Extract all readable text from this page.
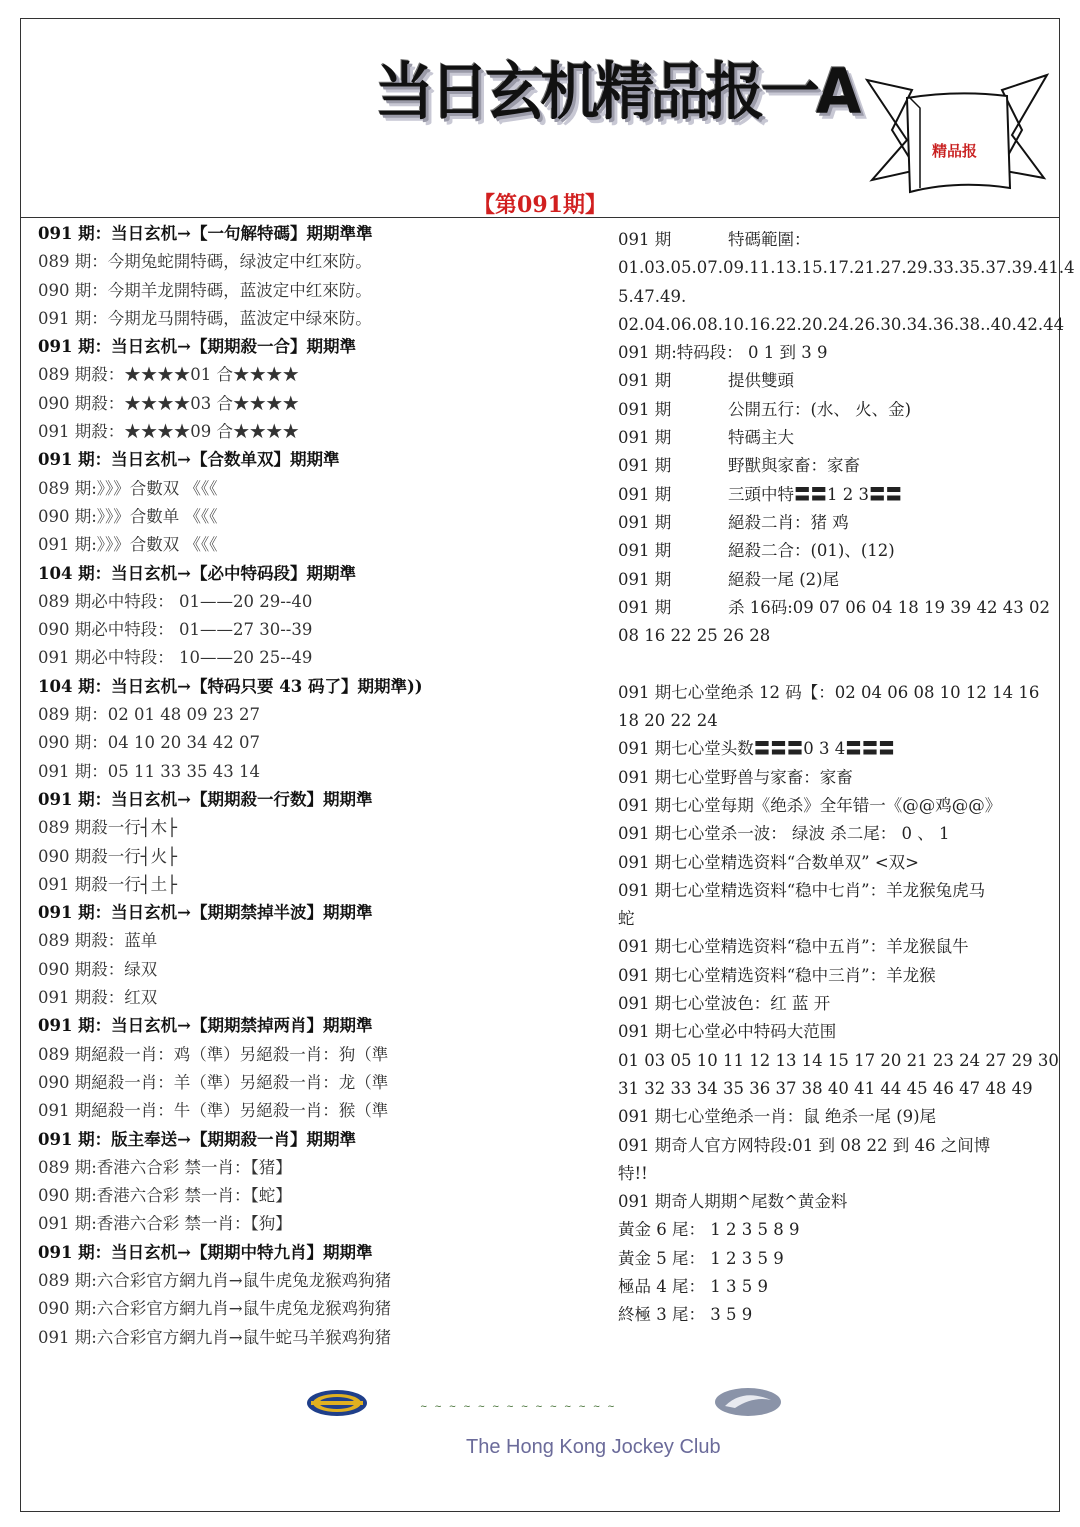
当日玄机精品报一A
【第091期】
精品报
091 期：当日玄机→【一句解特碼】期期準準
089 期：今期兔蛇開特碼，绿波定中红來防。
090 期：今期羊龙開特碼，蓝波定中红來防。
091 期：今期龙马開特碼，蓝波定中绿來防。
091 期：当日玄机→【期期殺一合】期期準
089 期殺：★★★★01 合★★★★
090 期殺：★★★★03 合★★★★
091 期殺：★★★★09 合★★★★
091 期：当日玄机→【合数单双】期期準
089 期:》》》合數双 《《《
090 期:》》》合數单 《《《
091 期:》》》合數双 《《《
104 期：当日玄机→【必中特码段】期期準
089 期必中特段： 01——20 29--40
090 期必中特段： 01——27 30--39
091 期必中特段： 10——20 25--49
104 期：当日玄机→【特码只要 43 码了】期期準))
089 期：02 01 48 09 23 27
090 期：04 10 20 34 42 07
091 期：05 11 33 35 43 14
091 期：当日玄机→【期期殺一行数】期期準
089 期殺一行┤木├
090 期殺一行┤火├
091 期殺一行┤土├
091 期：当日玄机→【期期禁掉半波】期期準
089 期殺：蓝单
090 期殺：绿双
091 期殺：红双
091 期：当日玄机→【期期禁掉两肖】期期準
089 期絕殺一肖：鸡（準）另絕殺一肖：狗（準
090 期絕殺一肖：羊（準）另絕殺一肖：龙（準
091 期絕殺一肖：牛（準）另絕殺一肖：猴（準
091 期：版主奉送→【期期殺一肖】期期準
089 期:香港六合彩 禁一肖：【猪】
090 期:香港六合彩 禁一肖：【蛇】
091 期:香港六合彩 禁一肖：【狗】
091 期：当日玄机→【期期中特九肖】期期準
089 期:六合彩官方網九肖→鼠牛虎兔龙猴鸡狗猪
090 期:六合彩官方網九肖→鼠牛虎兔龙猴鸡狗猪
091 期:六合彩官方網九肖→鼠牛蛇马羊猴鸡狗猪
091 期	特碼範圍：
01.03.05.07.09.11.13.15.17.21.27.29.33.35.37.39.41.4
5.47.49.
02.04.06.08.10.16.22.20.24.26.30.34.36.38..40.42.44
091 期:特码段： 0 1 到 3 9
091 期	提供雙頭
091 期	公開五行：(水、 火、金)
091 期	特碼主大
091 期	野獸與家畜：家畜
091 期	三頭中特〓〓1 2 3〓〓
091 期	絕殺二肖：猪 鸡
091 期	絕殺二合：(01)、(12)
091 期	絕殺一尾 (2)尾
091 期	杀 16码:09 07 06 04 18 19 39 42 43 02
08 16 22 25 26 28
091 期七心堂绝杀 12 码【：02 04 06 08 10 12 14 16
18 20 22 24
091 期七心堂头数〓〓〓0 3 4〓〓〓
091 期七心堂野兽与家畜：家畜
091 期七心堂每期《绝杀》全年错一《@@鸡@@》
091 期七心堂杀一波： 绿波 杀二尾： 0 、 1
091 期七心堂精选资料“合数单双” <双>
091 期七心堂精选资料“稳中七肖”：羊龙猴兔虎马
蛇
091 期七心堂精选资料“稳中五肖”：羊龙猴鼠牛
091 期七心堂精选资料“稳中三肖”：羊龙猴
091 期七心堂波色：红 蓝 开
091 期七心堂必中特码大范围
01 03 05 10 11 12 13 14 15 17 20 21 23 24 27 29 30
31 32 33 34 35 36 37 38 40 41 44 45 46 47 48 49
091 期七心堂绝杀一肖：鼠 绝杀一尾 (9)尾
091 期奇人官方网特段:01 到 08 22 到 46 之间博
特!!
091 期奇人期期^尾数^黄金料
黃金 6 尾： 1 2 3 5 8 9
黃金 5 尾： 1 2 3 5 9
極品 4 尾： 1 3 5 9
終極 3 尾： 3 5 9
~ ~ ~ ~ ~ ~ ~ ~ ~ ~ ~ ~ ~ ~
The Hong Kong Jockey Club
